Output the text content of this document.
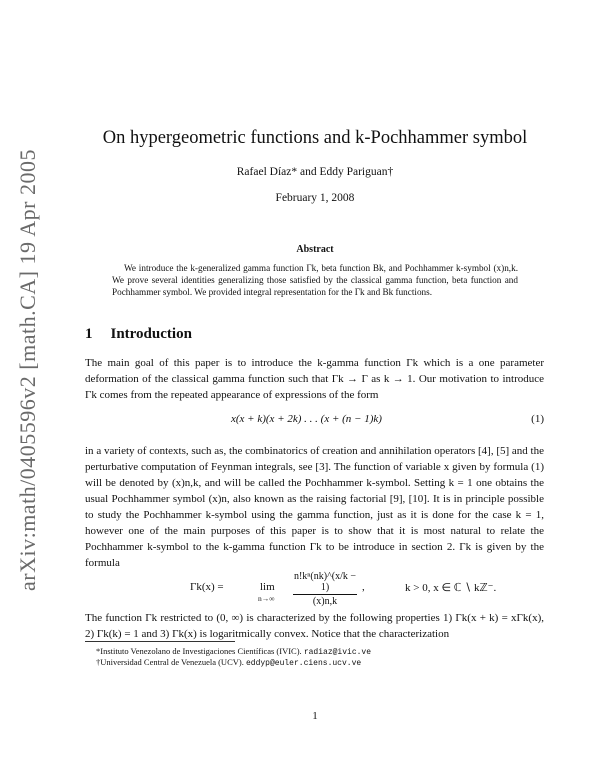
arXiv:math/0405596v2 [math.CA] 19 Apr 2005
On hypergeometric functions and k-Pochhammer symbol
Rafael Díaz* and Eddy Pariguan†
February 1, 2008
Abstract
We introduce the k-generalized gamma function Γk, beta function Bk, and Pochhammer k-symbol (x)n,k. We prove several identities generalizing those satisfied by the classical gamma function, beta function and Pochhammer symbol. We provided integral representation for the Γk and Bk functions.
1 Introduction
The main goal of this paper is to introduce the k-gamma function Γk which is a one parameter deformation of the classical gamma function such that Γk → Γ as k → 1. Our motivation to introduce Γk comes from the repeated appearance of expressions of the form
x(x + k)(x + 2k) . . . (x + (n − 1)k)	(1)
in a variety of contexts, such as, the combinatorics of creation and annihilation operators [4], [5] and the perturbative computation of Feynman integrals, see [3]. The function of variable x given by formula (1) will be denoted by (x)n,k, and will be called the Pochhammer k-symbol. Setting k = 1 one obtains the usual Pochhammer symbol (x)n, also known as the raising factorial [9], [10]. It is in principle possible to study the Pochhammer k-symbol using the gamma function, just as it is done for the case k = 1, however one of the main purposes of this paper is to show that it is most natural to relate the Pochhammer k-symbol to the k-gamma function Γk to be introduce in section 2. Γk is given by the formula
Γk(x) =	lim
$n\to\infty \frac{\text{n!kⁿ(nk)\textasciicircum{}(x/k − 1)}}{(x)n,k}$ ,	k > 0, x ∈ ℂ ∖ kℤ⁻.
The function Γk restricted to (0, ∞) is characterized by the following properties 1) Γk(x + k) = xΓk(x), 2) Γk(k) = 1 and 3) Γk(x) is logaritmically convex. Notice that the characterization
*Instituto Venezolano de Investigaciones Científicas (IVIC). radiaz@ivic.ve
†Universidad Central de Venezuela (UCV). eddyp@euler.ciens.ucv.ve
1
